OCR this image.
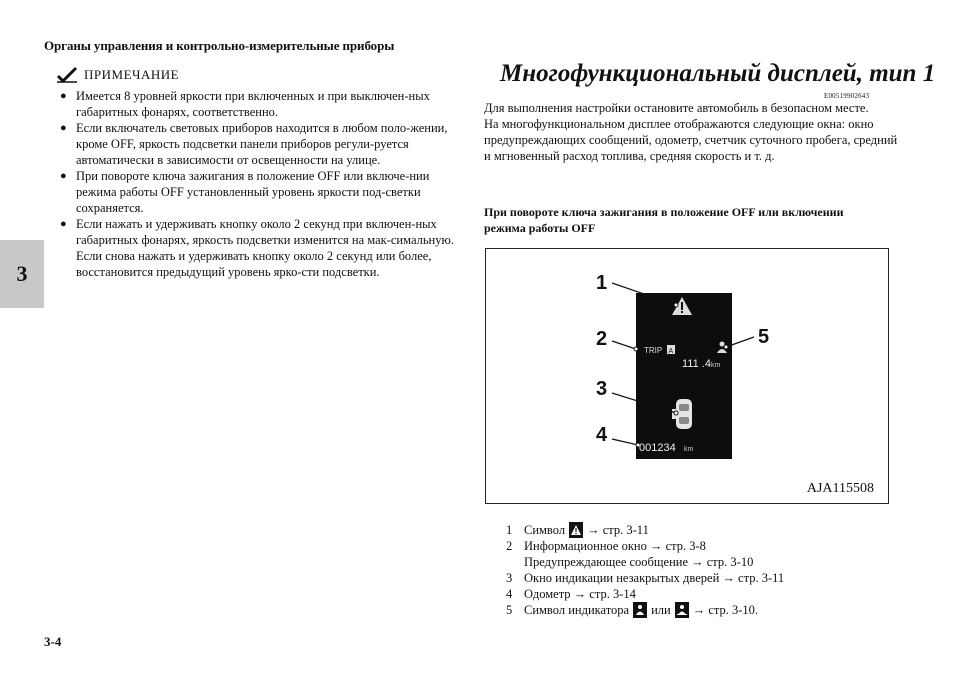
Органы управления и контрольно-измерительные приборы
3
ПРИМЕЧАНИЕ
● Имеется 8 уровней яркости при включенных и при выключен-ных габаритных фонарях, соответственно.
● Если включатель световых приборов находится в любом поло-жении, кроме OFF, яркость подсветки панели приборов регули-руется автоматически в зависимости от освещенности на улице.
● При повороте ключа зажигания в положение OFF или включе-нии режима работы OFF установленный уровень яркости под-светки сохраняется.
● Если нажать и удерживать кнопку около 2 секунд при включен-ных габаритных фонарях, яркость подсветки изменится на мак-симальную. Если снова нажать и удерживать кнопку около 2 секунд или более, восстановится предыдущий уровень ярко-сти подсветки.
Многофункциональный дисплей, тип 1
E00519902643

Для выполнения настройки остановите автомобиль в безопасном месте.

На многофункциональном дисплее отображаются следующие окна: окно предупреждающих сообщений, одометр, счетчик суточного пробега, средний и мгновенный расход топлива, средняя скорость и т. д.

При повороте ключа зажигания в положение OFF или включении режима работы OFF
TRIP A
111 .4 km
001234 km
1
2
3
4
5
AJA115508
1 Символ → стр. 3-11
2 Информационное окно → стр. 3-8
Предупреждающее сообщение → стр. 3-10
3 Окно индикации незакрытых дверей → стр. 3-11
4 Одометр → стр. 3-14
5 Символ индикатора или → стр. 3-10.
3-4
